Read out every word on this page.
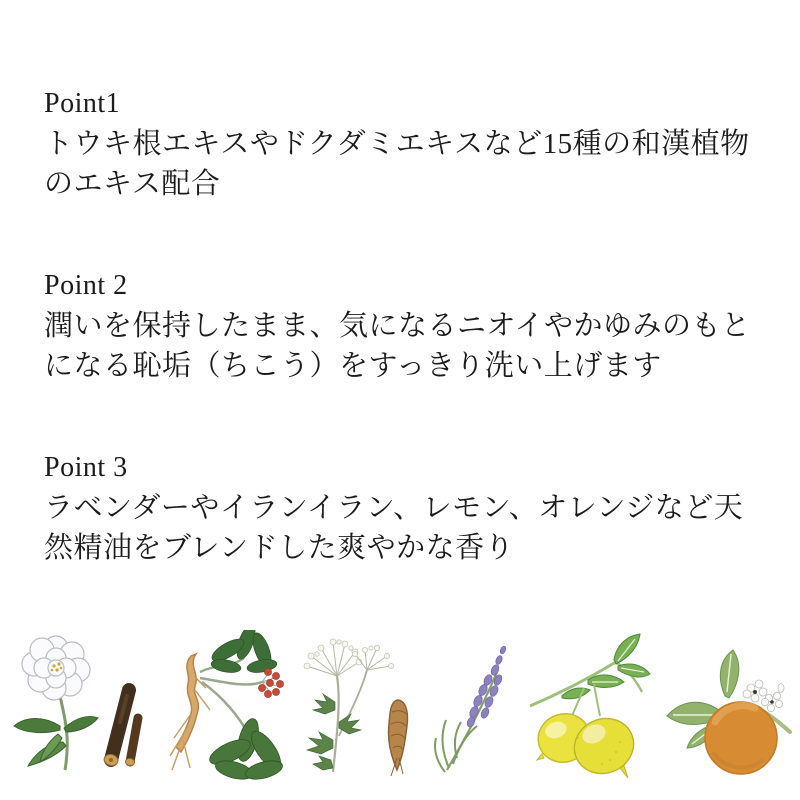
Point1

トウキ根エキスやドクダミエキスなど15種の和漢植物

のエキス配合

Point 2

潤いを保持したまま、気になるニオイやかゆみのもと

になる恥垢（ちこう）をすっきり洗い上げます

Point 3

ラベンダーやイランイラン、レモン、オレンジなど天

然精油をブレンドした爽やかな香り
